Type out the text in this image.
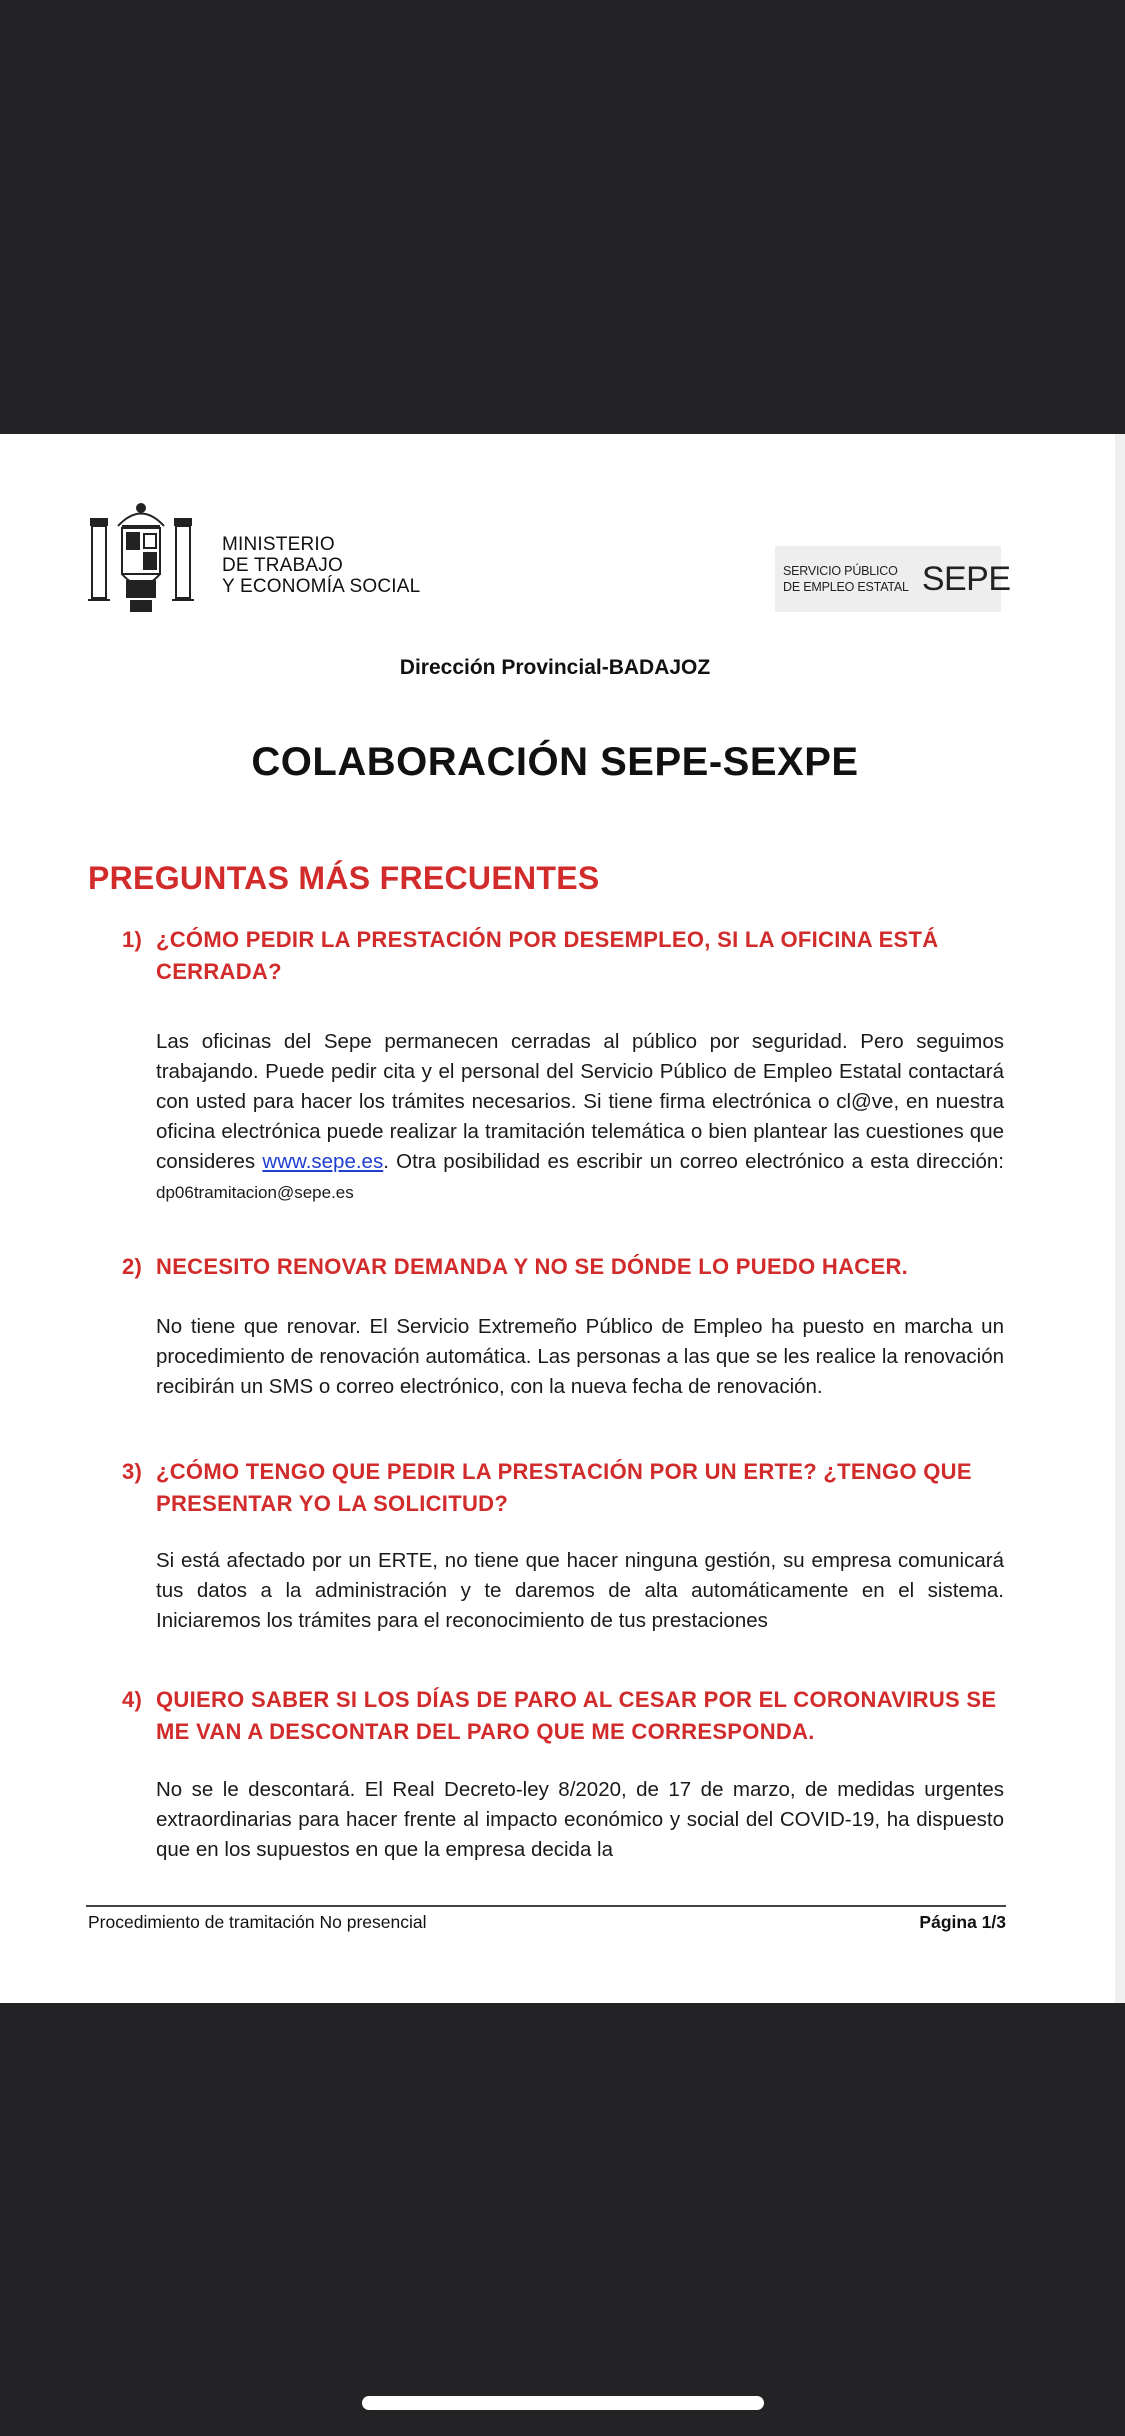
MINISTERIO
DE TRABAJO
Y ECONOMÍA SOCIAL
SERVICIO PÚBLICO
DE EMPLEO ESTATAL SEPE
Dirección Provincial-BADAJOZ
COLABORACIÓN SEPE-SEXPE
PREGUNTAS MÁS FRECUENTES
1) ¿CÓMO PEDIR LA PRESTACIÓN POR DESEMPLEO, SI LA OFICINA ESTÁ CERRADA?
Las oficinas del Sepe permanecen cerradas al público por seguridad. Pero seguimos trabajando. Puede pedir cita y el personal del Servicio Público de Empleo Estatal contactará con usted para hacer los trámites necesarios. Si tiene firma electrónica o cl@ve, en nuestra oficina electrónica puede realizar la tramitación telemática o bien plantear las cuestiones que consideres www.sepe.es. Otra posibilidad es escribir un correo electrónico a esta dirección: dp06tramitacion@sepe.es
2) NECESITO RENOVAR DEMANDA Y NO SE DÓNDE LO PUEDO HACER.
No tiene que renovar. El Servicio Extremeño Público de Empleo ha puesto en marcha un procedimiento de renovación automática. Las personas a las que se les realice la renovación recibirán un SMS o correo electrónico, con la nueva fecha de renovación.
3) ¿CÓMO TENGO QUE PEDIR LA PRESTACIÓN POR UN ERTE? ¿TENGO QUE PRESENTAR YO LA SOLICITUD?
Si está afectado por un ERTE, no tiene que hacer ninguna gestión, su empresa comunicará tus datos a la administración y te daremos de alta automáticamente en el sistema. Iniciaremos los trámites para el reconocimiento de tus prestaciones
4) QUIERO SABER SI LOS DÍAS DE PARO AL CESAR POR EL CORONAVIRUS SE ME VAN A DESCONTAR DEL PARO QUE ME CORRESPONDA.
No se le descontará. El Real Decreto-ley 8/2020, de 17 de marzo, de medidas urgentes extraordinarias para hacer frente al impacto económico y social del COVID-19, ha dispuesto que en los supuestos en que la empresa decida la
Procedimiento de tramitación No presencial	Página 1/3
